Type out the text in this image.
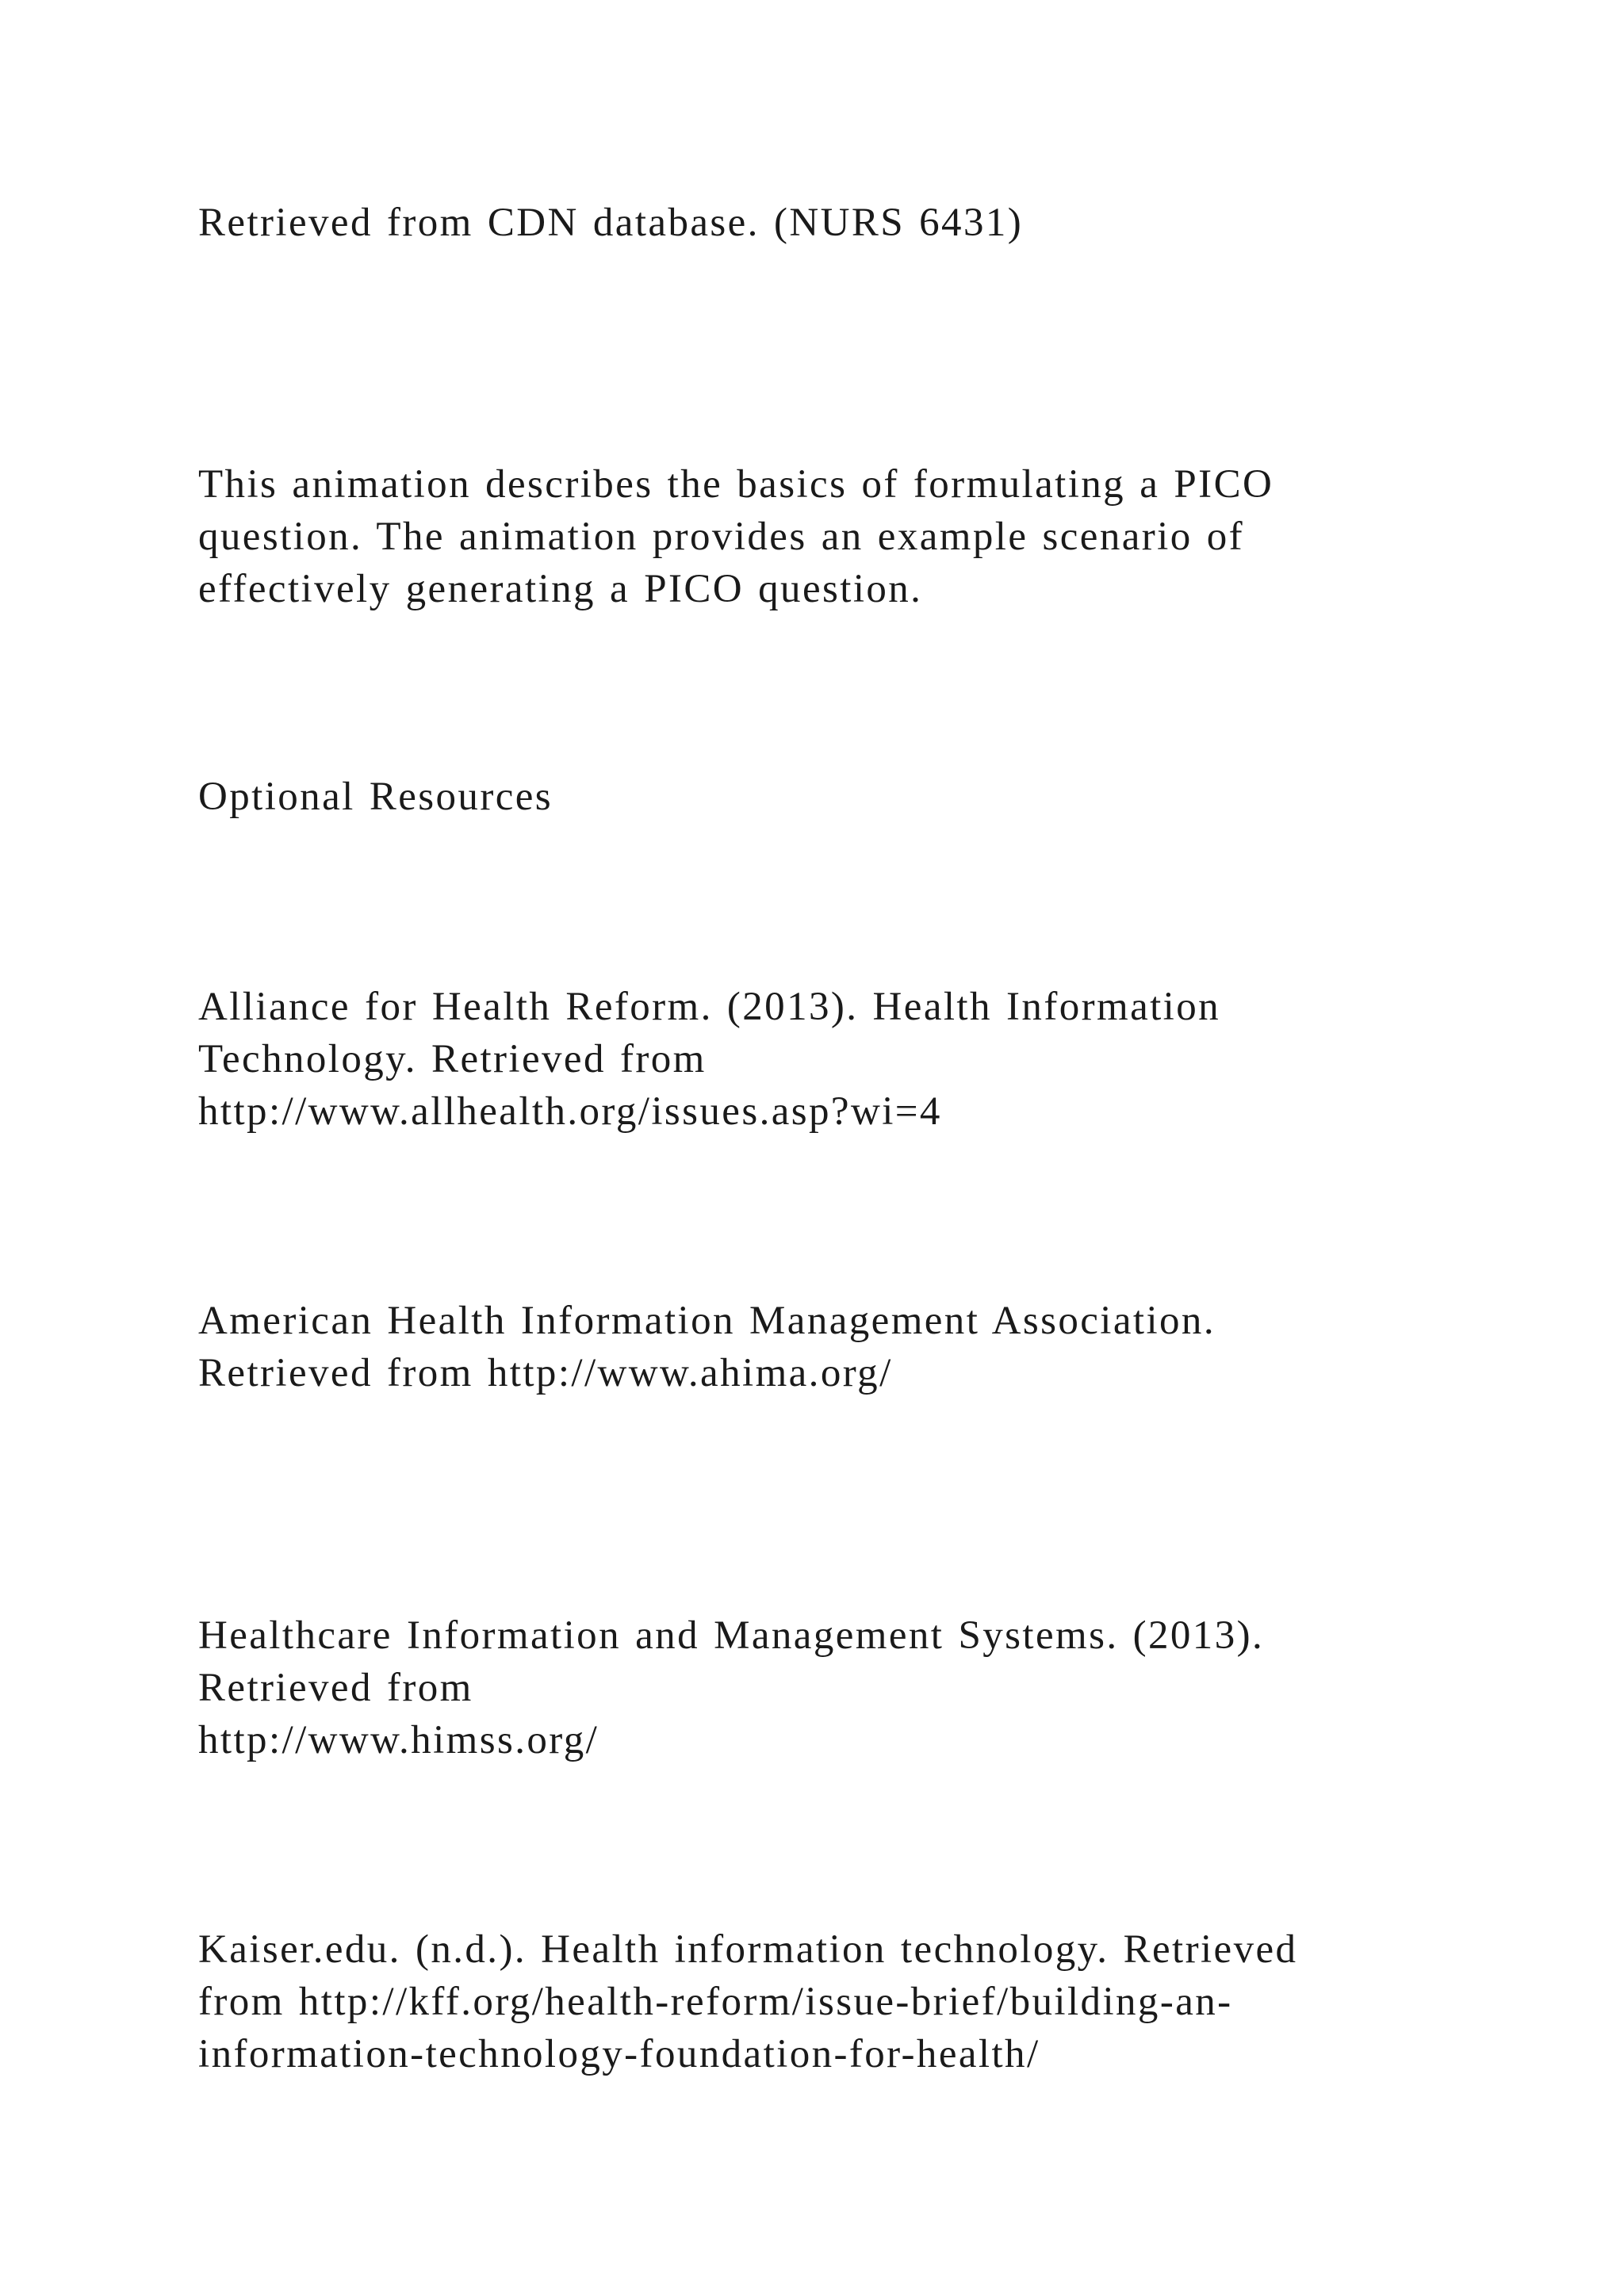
Retrieved from CDN database. (NURS 6431)

This animation describes the basics of formulating a PICO

question. The animation provides an example scenario of

effectively generating a PICO question.

Optional Resources

Alliance for Health Reform. (2013). Health Information

Technology. Retrieved from

http://www.allhealth.org/issues.asp?wi=4

American Health Information Management Association.

Retrieved from http://www.ahima.org/

Healthcare Information and Management Systems. (2013).

Retrieved from

http://www.himss.org/

Kaiser.edu. (n.d.). Health information technology. Retrieved

from http://kff.org/health-reform/issue-brief/building-an-

information-technology-foundation-for-health/
